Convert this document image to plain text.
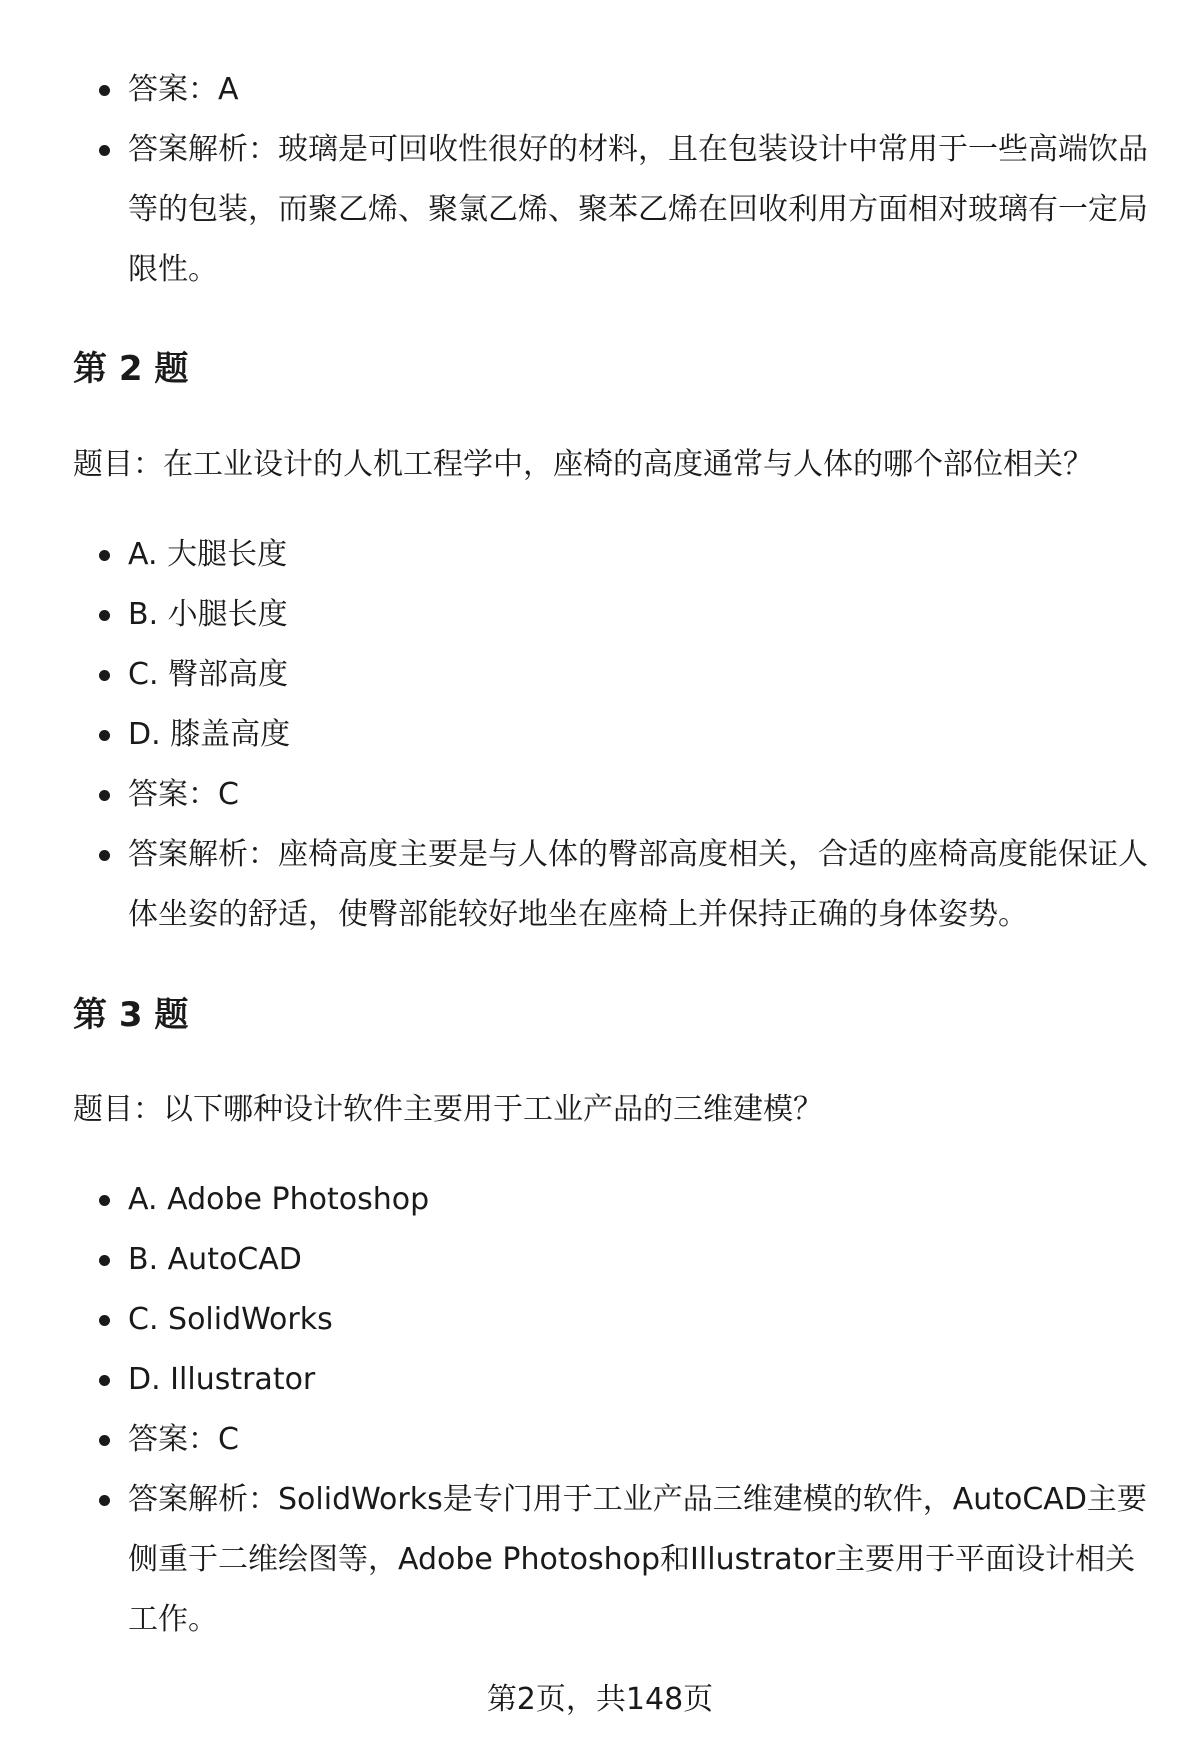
答案：A
答案解析：玻璃是可回收性很好的材料，且在包装设计中常用于一些高端饮品等的包装，而聚乙烯、聚氯乙烯、聚苯乙烯在回收利用方面相对玻璃有一定局限性。
第 2 题

题目：在工业设计的人机工程学中，座椅的高度通常与人体的哪个部位相关？

A. 大腿长度
B. 小腿长度
C. 臀部高度
D. 膝盖高度
答案：C
答案解析：座椅高度主要是与人体的臀部高度相关，合适的座椅高度能保证人体坐姿的舒适，使臀部能较好地坐在座椅上并保持正确的身体姿势。
第 3 题

题目：以下哪种设计软件主要用于工业产品的三维建模？

A. Adobe Photoshop
B. AutoCAD
C. SolidWorks
D. Illustrator
答案：C
答案解析：SolidWorks是专门用于工业产品三维建模的软件，AutoCAD主要侧重于二维绘图等，Adobe Photoshop和Illustrator主要用于平面设计相关工作。
第2页，共148页
